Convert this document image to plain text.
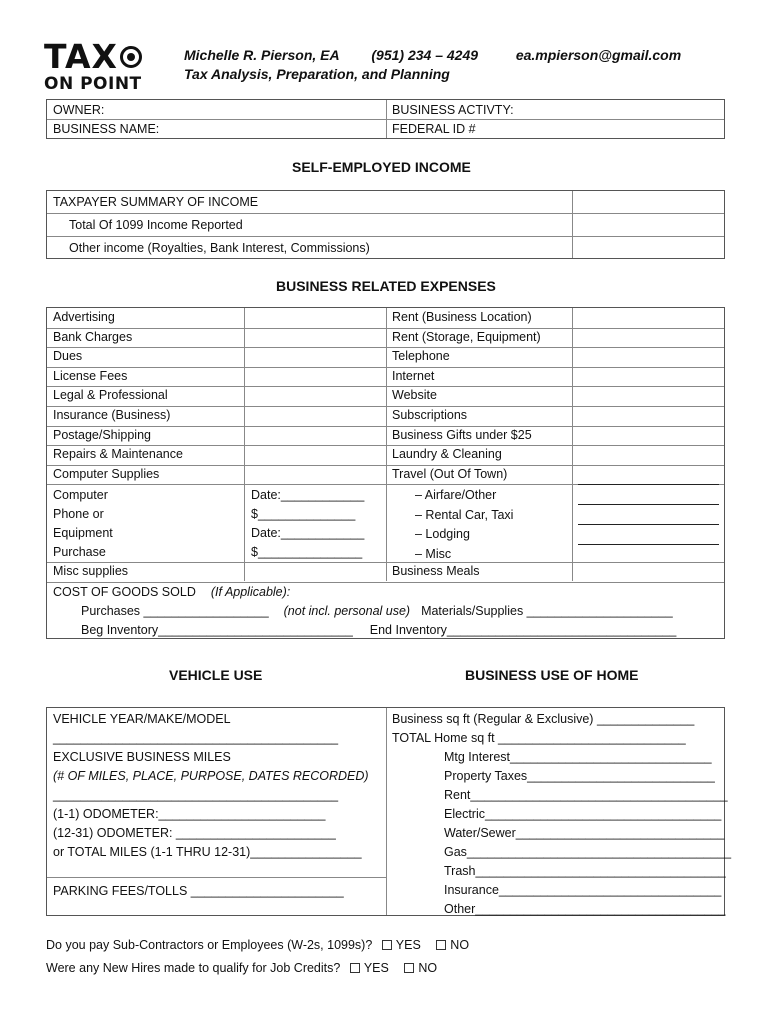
TAX
ON POINT
Michelle R. Pierson, EA (951) 234 – 4249	ea.mpierson@gmail.com
Tax Analysis, Preparation, and Planning
OWNER:
BUSINESS NAME:
BUSINESS ACTIVTY:
FEDERAL ID #
SELF-EMPLOYED INCOME
TAXPAYER SUMMARY OF INCOME
Total Of 1099 Income Reported
Other income (Royalties, Bank Interest, Commissions)
BUSINESS RELATED EXPENSES
Advertising
Bank Charges
Dues
License Fees
Legal & Professional
Insurance (Business)
Postage/Shipping
Repairs & Maintenance
Computer Supplies
Computer
Phone or
Equipment
Purchase
Date:____________
$______________
Date:____________
$_______________
Misc supplies
Rent (Business Location)
Rent (Storage, Equipment)
Telephone
Internet
Website
Subscriptions
Business Gifts under $25
Laundry & Cleaning
Travel (Out Of Town)
– Airfare/Other
– Rental Car, Taxi
– Lodging
– Misc
Business Meals
COST OF GOODS SOLD (If Applicable):
Purchases __________________ (not incl. personal use) Materials/Supplies _____________________
Beg Inventory____________________________ End Inventory_________________________________
VEHICLE USE	BUSINESS USE OF HOME
VEHICLE YEAR/MAKE/MODEL
_________________________________________
EXCLUSIVE BUSINESS MILES
(# OF MILES, PLACE, PURPOSE, DATES RECORDED)
_________________________________________
(1-1) ODOMETER:________________________
(12-31) ODOMETER: _______________________
or TOTAL MILES (1-1 THRU 12-31)________________
PARKING FEES/TOLLS ______________________
Business sq ft (Regular & Exclusive) ______________
TOTAL Home sq ft ___________________________
Mtg Interest_____________________________
Property Taxes___________________________
Rent_____________________________________
Electric__________________________________
Water/Sewer______________________________
Gas______________________________________
Trash____________________________________
Insurance________________________________
Other____________________________________
Do you pay Sub-Contractors or Employees (W-2s, 1099s)? YES NO
Were any New Hires made to qualify for Job Credits? YES NO
